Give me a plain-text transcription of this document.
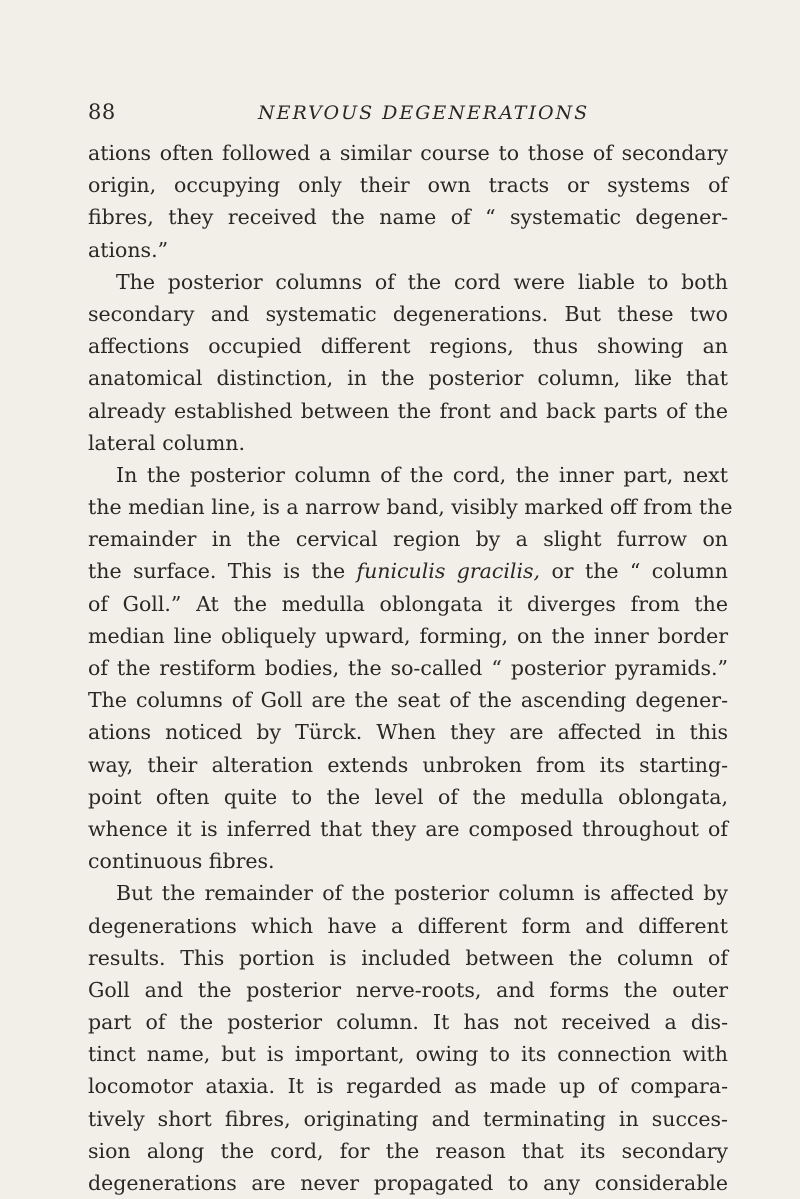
88	NERVOUS DEGENERATIONS
ations often followed a similar course to those of secondary
origin, occupying only their own tracts or systems of
fibres, they received the name of “ systematic degener-
ations.”
The posterior columns of the cord were liable to both
secondary and systematic degenerations. But these two
affections occupied different regions, thus showing an
anatomical distinction, in the posterior column, like that
already established between the front and back parts of the
lateral column.
In the posterior column of the cord, the inner part, next
the median line, is a narrow band, visibly marked off from the
remainder in the cervical region by a slight furrow on
the surface. This is the funiculis gracilis, or the “ column
of Goll.” At the medulla oblongata it diverges from the
median line obliquely upward, forming, on the inner border
of the restiform bodies, the so-called “ posterior pyramids.”
The columns of Goll are the seat of the ascending degener-
ations noticed by Türck. When they are affected in this
way, their alteration extends unbroken from its starting-
point often quite to the level of the medulla oblongata,
whence it is inferred that they are composed throughout of
continuous fibres.
But the remainder of the posterior column is affected by
degenerations which have a different form and different
results. This portion is included between the column of
Goll and the posterior nerve-roots, and forms the outer
part of the posterior column. It has not received a dis-
tinct name, but is important, owing to its connection with
locomotor ataxia. It is regarded as made up of compara-
tively short fibres, originating and terminating in succes-
sion along the cord, for the reason that its secondary
degenerations are never propagated to any considerable
